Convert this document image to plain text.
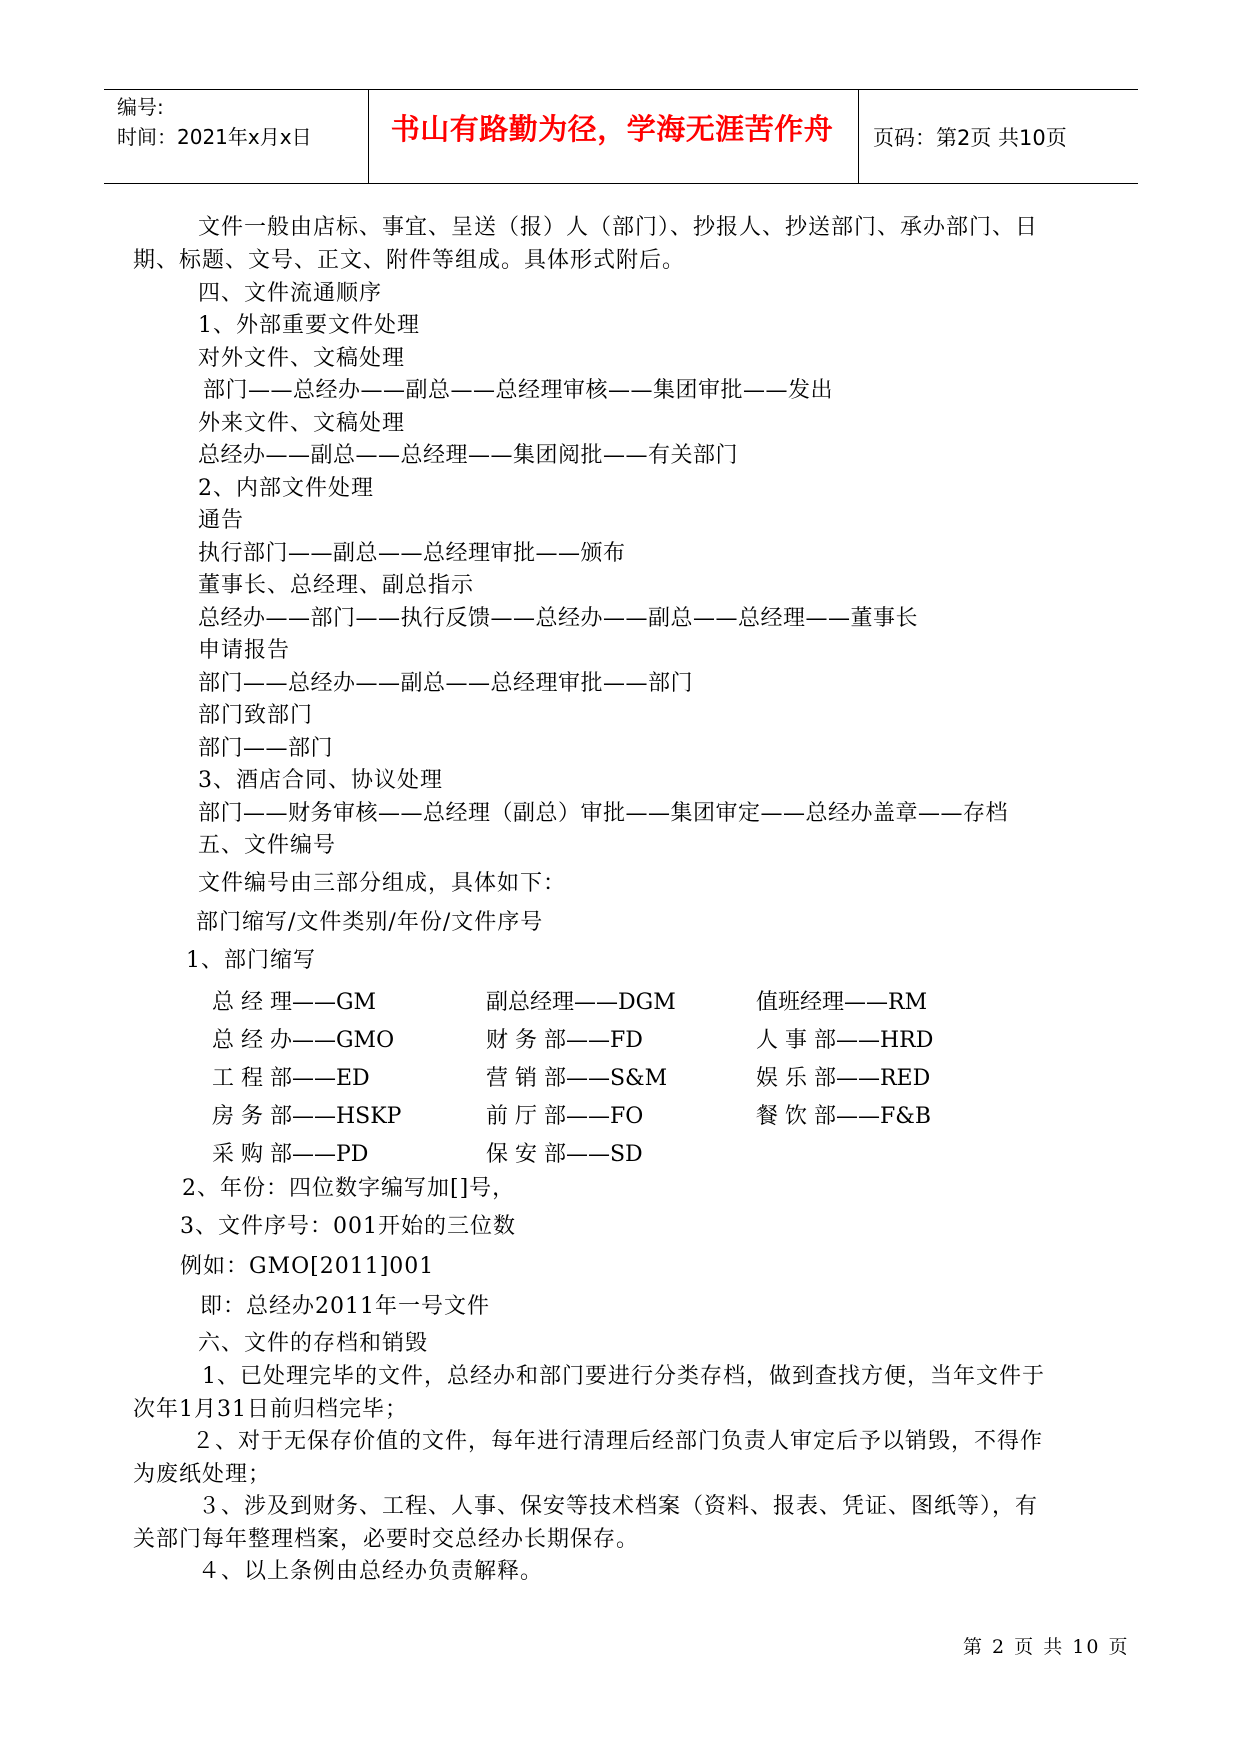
编号:
时间：2021年x月x日	书山有路勤为径，学海无涯苦作舟	页码：第2页 共10页
文件一般由店标、事宜、呈送（报）人（部门）、抄报人、抄送部门、承办部门、日
期、标题、文号、正文、附件等组成。具体形式附后。
四、文件流通顺序
1、外部重要文件处理
对外文件、文稿处理
部门——总经办——副总——总经理审核——集团审批——发出
外来文件、文稿处理
总经办——副总——总经理——集团阅批——有关部门
2、内部文件处理
通告
执行部门——副总——总经理审批——颁布
董事长、总经理、副总指示
总经办——部门——执行反馈——总经办——副总——总经理——董事长
申请报告
部门——总经办——副总——总经理审批——部门
部门致部门
部门——部门
3、酒店合同、协议处理
部门——财务审核——总经理（副总）审批——集团审定——总经办盖章——存档
五、文件编号
文件编号由三部分组成，具体如下：
部门缩写/文件类别/年份/文件序号
1、部门缩写
总 经 理——GM	副总经理——DGM	值班经理——RM
总 经 办——GMO	财 务 部——FD	人 事 部——HRD
工 程 部——ED	营 销 部——S&M	娱 乐 部——RED
房 务 部——HSKP	前 厅 部——FO	餐 饮 部——F&B
采 购 部——PD	保 安 部——SD
2、年份：四位数字编写加[]号，
3、文件序号：001开始的三位数
例如：GMO[2011]001
即：总经办2011年一号文件
六、文件的存档和销毁
1、已处理完毕的文件，总经办和部门要进行分类存档，做到查找方便，当年文件于
次年1月31日前归档完毕；
２、对于无保存价值的文件，每年进行清理后经部门负责人审定后予以销毁，不得作
为废纸处理；
３、涉及到财务、工程、人事、保安等技术档案（资料、报表、凭证、图纸等），有
关部门每年整理档案，必要时交总经办长期保存。
４、以上条例由总经办负责解释。
第 2 页 共 10 页
